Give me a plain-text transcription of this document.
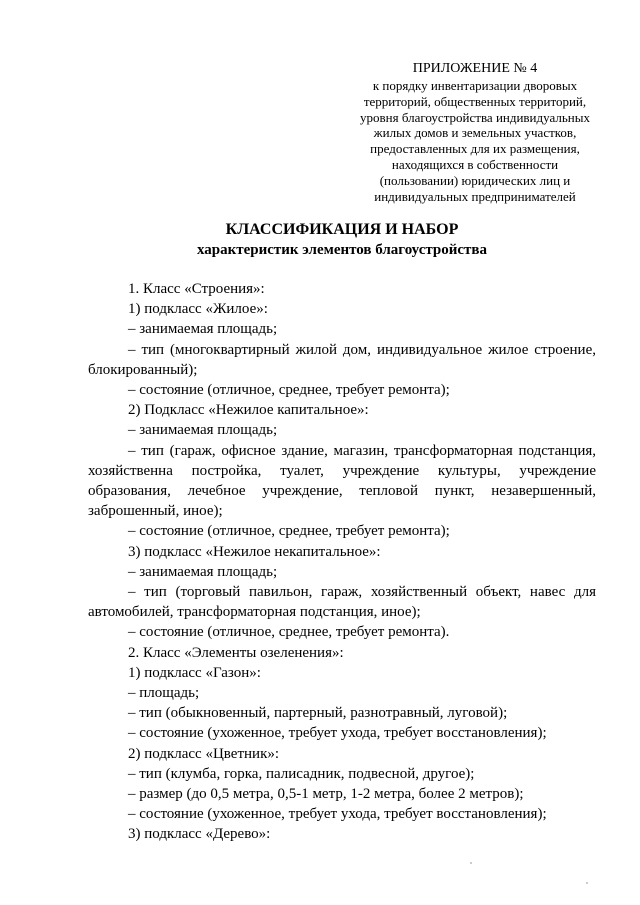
ПРИЛОЖЕНИЕ № 4
к порядку инвентаризации дворовых
территорий, общественных территорий,
уровня благоустройства индивидуальных
жилых домов и земельных участков,
предоставленных для их размещения,
находящихся в собственности
(пользовании) юридических лиц и
индивидуальных предпринимателей
КЛАССИФИКАЦИЯ И НАБОР
характеристик элементов благоустройства

1. Класс «Строения»:

1) подкласс «Жилое»:

– занимаемая площадь;

– тип (многоквартирный жилой дом, индивидуальное жилое строение, блокированный);

– состояние (отличное, среднее, требует ремонта);

2) Подкласс «Нежилое капитальное»:

– занимаемая площадь;

– тип (гараж, офисное здание, магазин, трансформаторная подстанция, хозяйственна постройка, туалет, учреждение культуры, учреждение образования, лечебное учреждение, тепловой пункт, незавершенный, заброшенный, иное);

– состояние (отличное, среднее, требует ремонта);

3) подкласс «Нежилое некапитальное»:

– занимаемая площадь;

– тип (торговый павильон, гараж, хозяйственный объект, навес для автомобилей, трансформаторная подстанция, иное);

– состояние (отличное, среднее, требует ремонта).

2. Класс «Элементы озеленения»:

1) подкласс «Газон»:

– площадь;

– тип (обыкновенный, партерный, разнотравный, луговой);

– состояние (ухоженное, требует ухода, требует восстановления);

2) подкласс «Цветник»:

– тип (клумба, горка, палисадник, подвесной, другое);

– размер (до 0,5 метра, 0,5-1 метр, 1-2 метра, более 2 метров);

– состояние (ухоженное, требует ухода, требует восстановления);

3) подкласс «Дерево»:
